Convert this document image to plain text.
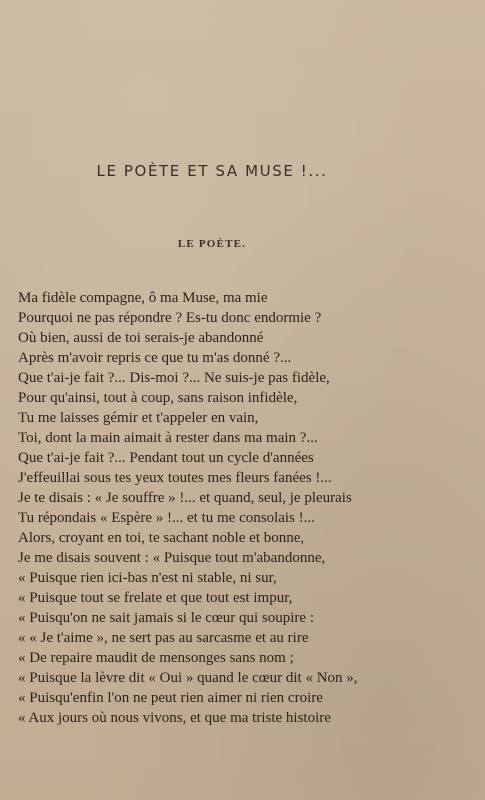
LE POÈTE ET SA MUSE !...
LE POÈTE.
Ma fidèle compagne, ô ma Muse, ma mie
Pourquoi ne pas répondre ? Es-tu donc endormie ?
Où bien, aussi de toi serais-je abandonné
Après m'avoir repris ce que tu m'as donné ?...
Que t'ai-je fait ?... Dis-moi ?... Ne suis-je pas fidèle,
Pour qu'ainsi, tout à coup, sans raison infidèle,
Tu me laisses gémir et t'appeler en vain,
Toi, dont la main aimait à rester dans ma main ?...
Que t'ai-je fait ?... Pendant tout un cycle d'années
J'effeuillai sous tes yeux toutes mes fleurs fanées !...
Je te disais : « Je souffre » !... et quand, seul, je pleurais
Tu répondais « Espère » !... et tu me consolais !...
Alors, croyant en toi, te sachant noble et bonne,
Je me disais souvent : « Puisque tout m'abandonne,
« Puisque rien ici-bas n'est ni stable, ni sur,
« Puisque tout se frelate et que tout est impur,
« Puisqu'on ne sait jamais si le cœur qui soupire :
« « Je t'aime », ne sert pas au sarcasme et au rire
« De repaire maudit de mensonges sans nom ;
« Puisque la lèvre dit « Oui » quand le cœur dit « Non »,
« Puisqu'enfin l'on ne peut rien aimer ni rien croire
« Aux jours où nous vivons, et que ma triste histoire
